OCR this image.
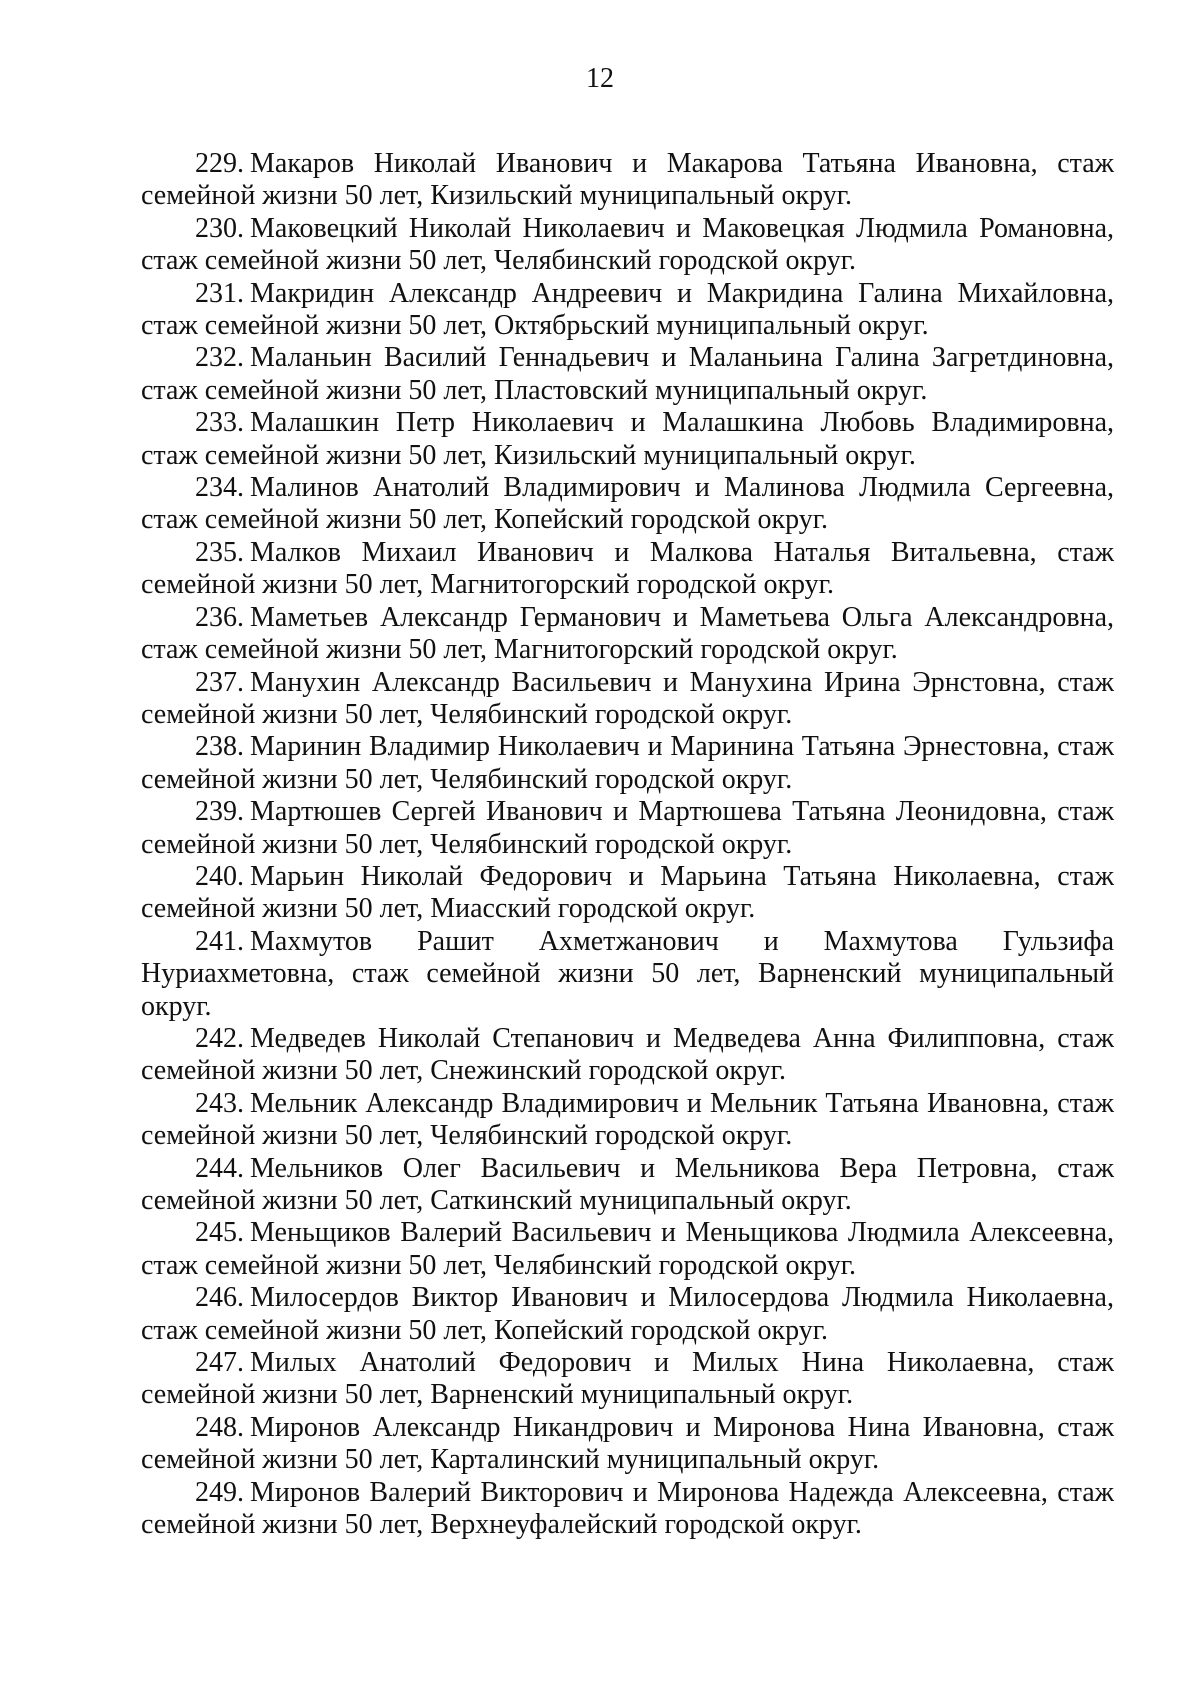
12
229. Макаров Николай Иванович и Макарова Татьяна Ивановна, стаж семейной жизни 50 лет, Кизильский муниципальный округ.
230. Маковецкий Николай Николаевич и Маковецкая Людмила Романовна, стаж семейной жизни 50 лет, Челябинский городской округ.
231. Макридин Александр Андреевич и Макридина Галина Михайловна, стаж семейной жизни 50 лет, Октябрьский муниципальный округ.
232. Маланьин Василий Геннадьевич и Маланьина Галина Загретдиновна, стаж семейной жизни 50 лет, Пластовский муниципальный округ.
233. Малашкин Петр Николаевич и Малашкина Любовь Владимировна, стаж семейной жизни 50 лет, Кизильский муниципальный округ.
234. Малинов Анатолий Владимирович и Малинова Людмила Сергеевна, стаж семейной жизни 50 лет, Копейский городской округ.
235. Малков Михаил Иванович и Малкова Наталья Витальевна, стаж семейной жизни 50 лет, Магнитогорский городской округ.
236. Маметьев Александр Германович и Маметьева Ольга Александровна, стаж семейной жизни 50 лет, Магнитогорский городской округ.
237. Манухин Александр Васильевич и Манухина Ирина Эрнстовна, стаж семейной жизни 50 лет, Челябинский городской округ.
238. Маринин Владимир Николаевич и Маринина Татьяна Эрнестовна, стаж семейной жизни 50 лет, Челябинский городской округ.
239. Мартюшев Сергей Иванович и Мартюшева Татьяна Леонидовна, стаж семейной жизни 50 лет, Челябинский городской округ.
240. Марьин Николай Федорович и Марьина Татьяна Николаевна, стаж семейной жизни 50 лет, Миасский городской округ.
241. Махмутов Рашит Ахметжанович и Махмутова Гульзифа Нуриахметовна, стаж семейной жизни 50 лет, Варненский муниципальный округ.
242. Медведев Николай Степанович и Медведева Анна Филипповна, стаж семейной жизни 50 лет, Снежинский городской округ.
243. Мельник Александр Владимирович и Мельник Татьяна Ивановна, стаж семейной жизни 50 лет, Челябинский городской округ.
244. Мельников Олег Васильевич и Мельникова Вера Петровна, стаж семейной жизни 50 лет, Саткинский муниципальный округ.
245. Меньщиков Валерий Васильевич и Меньщикова Людмила Алексеевна, стаж семейной жизни 50 лет, Челябинский городской округ.
246. Милосердов Виктор Иванович и Милосердова Людмила Николаевна, стаж семейной жизни 50 лет, Копейский городской округ.
247. Милых Анатолий Федорович и Милых Нина Николаевна, стаж семейной жизни 50 лет, Варненский муниципальный округ.
248. Миронов Александр Никандрович и Миронова Нина Ивановна, стаж семейной жизни 50 лет, Карталинский муниципальный округ.
249. Миронов Валерий Викторович и Миронова Надежда Алексеевна, стаж семейной жизни 50 лет, Верхнеуфалейский городской округ.
